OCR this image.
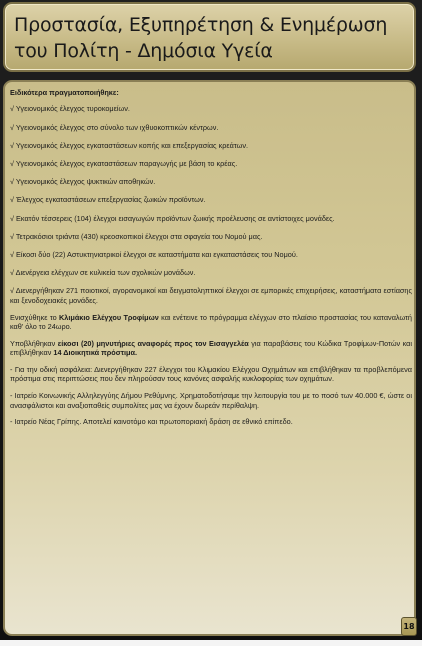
Προστασία, Εξυπηρέτηση & Ενημέρωση
του Πολίτη - Δημόσια Υγεία

Ειδικότερα πραγματοποιήθηκε:

√ Υγειονομικός έλεγχος τυροκομείων.

√ Υγειονομικός έλεγχος στο σύνολο των ιχθυοκοπτικών κέντρων.

√ Υγειονομικός έλεγχος εγκαταστάσεων κοπής και επεξεργασίας κρεάτων.

√ Υγειονομικός έλεγχος εγκαταστάσεων παραγωγής με βάση το κρέας.

√ Υγειονομικός έλεγχος ψυκτικών αποθηκών.

√ Έλεγχος εγκαταστάσεων επεξεργασίας ζωικών προϊόντων.

√ Εκατόν τέσσερεις (104) έλεγχοι εισαγωγών προϊόντων ζωικής προέλευσης σε αντίστοιχες μονάδες.

√ Τετρακόσιοι τριάντα (430) κρεοσκοπικοί έλεγχοι στα σφαγεία του Νομού μας.

√ Είκοσι δύο (22) Αστυκτηνιατρικοί έλεγχοι σε καταστήματα και εγκαταστάσεις του Νομού.

√ Διενέργεια ελέγχων σε κυλικεία των σχολικών μονάδων.

√ Διενεργήθηκαν 271 ποιοτικοί, αγορανομικοί και δειγματοληπτικοί έλεγχοι σε εμπορικές επιχειρήσεις, καταστήματα εστίασης και ξενοδοχειακές μονάδες.

Ενισχύθηκε το Κλιμάκιο Ελέγχου Τροφίμων και ενέτεινε το πρόγραμμα ελέγχων στο πλαίσιο προστασίας του καταναλωτή καθ' όλο το 24ωρο.

Υποβλήθηκαν είκοσι (20) μηνυτήριες αναφορές προς τον Εισαγγελέα για παραβάσεις του Κώδικα Τροφίμων-Ποτών και επιβλήθηκαν 14 Διοικητικά πρόστιμα.

- Για την οδική ασφάλεια: Διενεργήθηκαν 227 έλεγχοι του Κλιμακίου Ελέγχου Οχημάτων και επιβλήθηκαν τα προβλεπόμενα πρόστιμα στις περιπτώσεις που δεν πληρούσαν τους κανόνες ασφαλής κυκλοφορίας των οχημάτων.

- Ιατρείο Κοινωνικής Αλληλεγγύης Δήμου Ρεθύμνης. Χρηματοδοτήσαμε την λειτουργία του με το ποσό των 40.000 €, ώστε οι ανασφάλιστοι και αναξιοπαθείς συμπολίτες μας να έχουν δωρεάν περίθαλψη.

- Ιατρείο Νέας Γρίπης. Αποτελεί καινοτόμο και πρωτοποριακή δράση σε εθνικό επίπεδο.

18
